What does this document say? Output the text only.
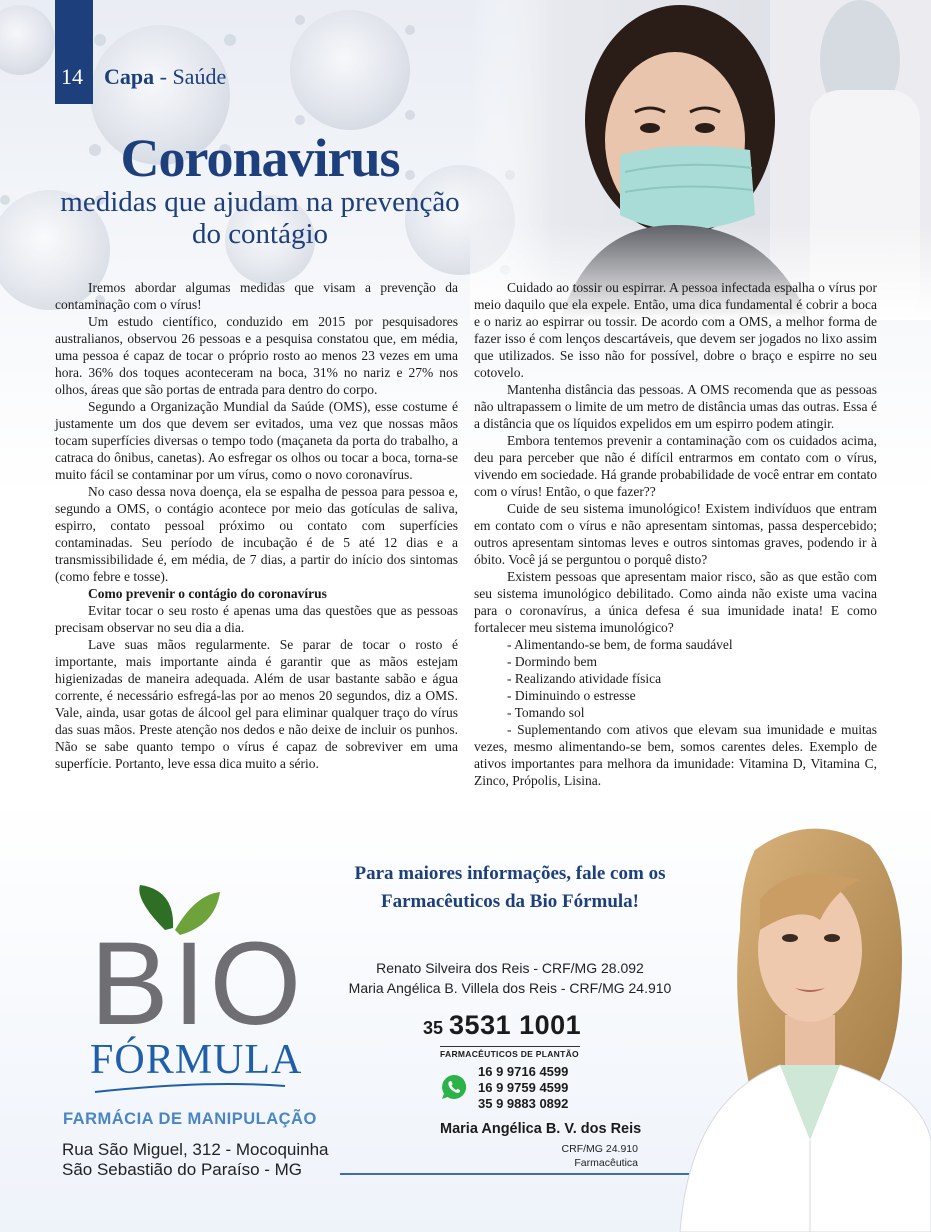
14 Capa - Saúde
Coronavirus
medidas que ajudam na prevenção do contágio

Iremos abordar algumas medidas que visam a prevenção da contaminação com o vírus!

Um estudo científico, conduzido em 2015 por pesquisadores australianos, observou 26 pessoas e a pesquisa constatou que, em média, uma pessoa é capaz de tocar o próprio rosto ao menos 23 vezes em uma hora. 36% dos toques aconteceram na boca, 31% no nariz e 27% nos olhos, áreas que são portas de entrada para dentro do corpo.

Segundo a Organização Mundial da Saúde (OMS), esse costume é justamente um dos que devem ser evitados, uma vez que nossas mãos tocam superfícies diversas o tempo todo (maçaneta da porta do trabalho, a catraca do ônibus, canetas). Ao esfregar os olhos ou tocar a boca, torna-se muito fácil se contaminar por um vírus, como o novo coronavírus.

No caso dessa nova doença, ela se espalha de pessoa para pessoa e, segundo a OMS, o contágio acontece por meio das gotículas de saliva, espirro, contato pessoal próximo ou contato com superfícies contaminadas. Seu período de incubação é de 5 até 12 dias e a transmissibilidade é, em média, de 7 dias, a partir do início dos sintomas (como febre e tosse).

Como prevenir o contágio do coronavírus

Evitar tocar o seu rosto é apenas uma das questões que as pessoas precisam observar no seu dia a dia.

Lave suas mãos regularmente. Se parar de tocar o rosto é importante, mais importante ainda é garantir que as mãos estejam higienizadas de maneira adequada. Além de usar bastante sabão e água corrente, é necessário esfregá-las por ao menos 20 segundos, diz a OMS. Vale, ainda, usar gotas de álcool gel para eliminar qualquer traço do vírus das suas mãos. Preste atenção nos dedos e não deixe de incluir os punhos. Não se sabe quanto tempo o vírus é capaz de sobreviver em uma superfície. Portanto, leve essa dica muito a sério.

Cuidado ao tossir ou espirrar. A pessoa infectada espalha o vírus por meio daquilo que ela expele. Então, uma dica fundamental é cobrir a boca e o nariz ao espirrar ou tossir. De acordo com a OMS, a melhor forma de fazer isso é com lenços descartáveis, que devem ser jogados no lixo assim que utilizados. Se isso não for possível, dobre o braço e espirre no seu cotovelo.

Mantenha distância das pessoas. A OMS recomenda que as pessoas não ultrapassem o limite de um metro de distância umas das outras. Essa é a distância que os líquidos expelidos em um espirro podem atingir.

Embora tentemos prevenir a contaminação com os cuidados acima, deu para perceber que não é difícil entrarmos em contato com o vírus, vivendo em sociedade. Há grande probabilidade de você entrar em contato com o vírus! Então, o que fazer??

Cuide de seu sistema imunológico! Existem indivíduos que entram em contato com o vírus e não apresentam sintomas, passa despercebido; outros apresentam sintomas leves e outros sintomas graves, podendo ir à óbito. Você já se perguntou o porquê disto?

Existem pessoas que apresentam maior risco, são as que estão com seu sistema imunológico debilitado. Como ainda não existe uma vacina para o coronavírus, a única defesa é sua imunidade inata! E como fortalecer meu sistema imunológico?

- Alimentando-se bem, de forma saudável

- Dormindo bem

- Realizando atividade física

- Diminuindo o estresse

- Tomando sol

- Suplementando com ativos que elevam sua imunidade e muitas vezes, mesmo alimentando-se bem, somos carentes deles. Exemplo de ativos importantes para melhora da imunidade: Vitamina D, Vitamina C, Zinco, Própolis, Lisina.

Para maiores informações, fale com os
Farmacêuticos da Bio Fórmula!
BIO
FÓRMULA
FARMÁCIA DE MANIPULAÇÃO
Rua São Miguel, 312 - Mocoquinha
São Sebastião do Paraíso - MG
Renato Silveira dos Reis - CRF/MG 28.092
Maria Angélica B. Villela dos Reis - CRF/MG 24.910
35 3531 1001
FARMACÊUTICOS DE PLANTÃO
16 9 9716 4599
16 9 9759 4599
35 9 9883 0892
Maria Angélica B. V. dos Reis
CRF/MG 24.910
Farmacêutica
